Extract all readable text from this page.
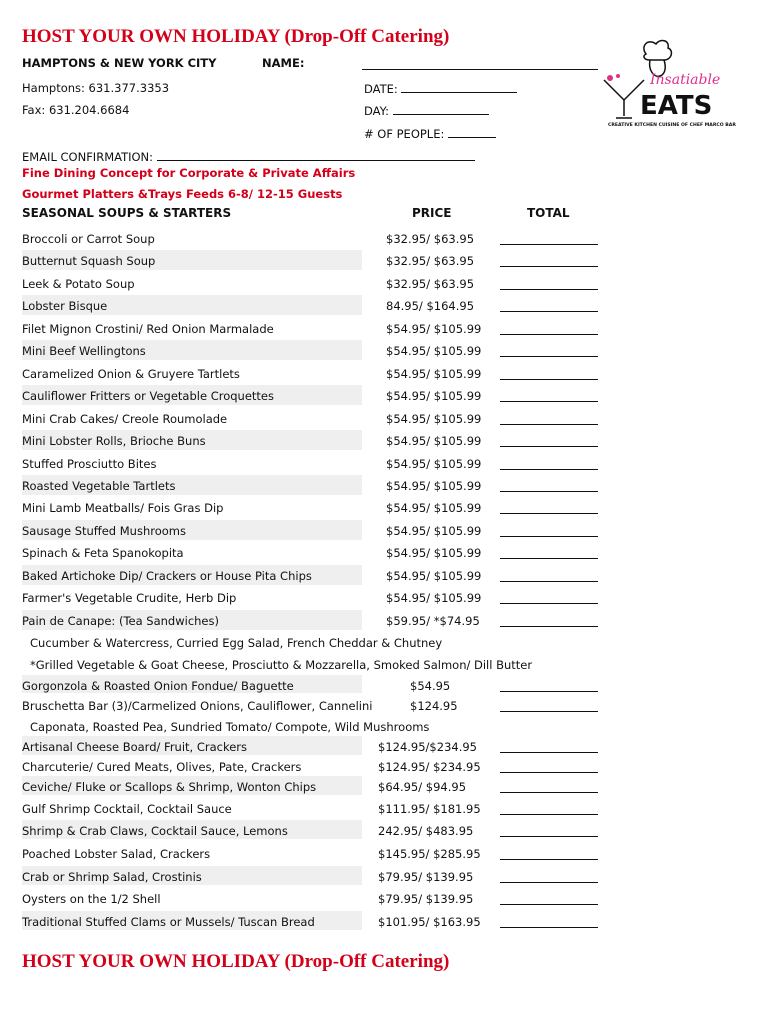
HOST YOUR OWN HOLIDAY (Drop-Off Catering)
HAMPTONS & NEW YORK CITY	NAME:
Hamptons: 631.377.3353	DATE:
Fax: 631.204.6684	DAY:
# OF PEOPLE:
EMAIL CONFIRMATION:
Fine Dining Concept for Corporate & Private Affairs
Gourmet Platters &Trays Feeds 6-8/ 12-15 Guests
SEASONAL SOUPS & STARTERS	PRICE	TOTAL
Insatiable
EATS
CREATIVE KITCHEN CUISINE OF CHEF MARCO BARRILA
Broccoli or Carrot Soup	$32.95/ $63.95
Butternut Squash Soup	$32.95/ $63.95
Leek & Potato Soup	$32.95/ $63.95
Lobster Bisque	84.95/ $164.95
Filet Mignon Crostini/ Red Onion Marmalade	$54.95/ $105.99
Mini Beef Wellingtons	$54.95/ $105.99
Caramelized Onion & Gruyere Tartlets	$54.95/ $105.99
Cauliflower Fritters or Vegetable Croquettes	$54.95/ $105.99
Mini Crab Cakes/ Creole Roumolade	$54.95/ $105.99
Mini Lobster Rolls, Brioche Buns	$54.95/ $105.99
Stuffed Prosciutto Bites	$54.95/ $105.99
Roasted Vegetable Tartlets	$54.95/ $105.99
Mini Lamb Meatballs/ Fois Gras Dip	$54.95/ $105.99
Sausage Stuffed Mushrooms	$54.95/ $105.99
Spinach & Feta Spanokopita	$54.95/ $105.99
Baked Artichoke Dip/ Crackers or House Pita Chips	$54.95/ $105.99
Farmer's Vegetable Crudite, Herb Dip	$54.95/ $105.99
Pain de Canape: (Tea Sandwiches)	$59.95/ *$74.95
Cucumber & Watercress, Curried Egg Salad, French Cheddar & Chutney
*Grilled Vegetable & Goat Cheese, Prosciutto & Mozzarella, Smoked Salmon/ Dill Butter
Gorgonzola & Roasted Onion Fondue/ Baguette	$54.95
Bruschetta Bar (3)/Carmelized Onions, Cauliflower, Cannelini	$124.95
Caponata, Roasted Pea, Sundried Tomato/ Compote, Wild Mushrooms
Artisanal Cheese Board/ Fruit, Crackers	$124.95/$234.95
Charcuterie/ Cured Meats, Olives, Pate, Crackers	$124.95/ $234.95
Ceviche/ Fluke or Scallops & Shrimp, Wonton Chips	$64.95/ $94.95
Gulf Shrimp Cocktail, Cocktail Sauce	$111.95/ $181.95
Shrimp & Crab Claws, Cocktail Sauce, Lemons	242.95/ $483.95
Poached Lobster Salad, Crackers	$145.95/ $285.95
Crab or Shrimp Salad, Crostinis	$79.95/ $139.95
Oysters on the 1/2 Shell	$79.95/ $139.95
Traditional Stuffed Clams or Mussels/ Tuscan Bread	$101.95/ $163.95
HOST YOUR OWN HOLIDAY (Drop-Off Catering)
